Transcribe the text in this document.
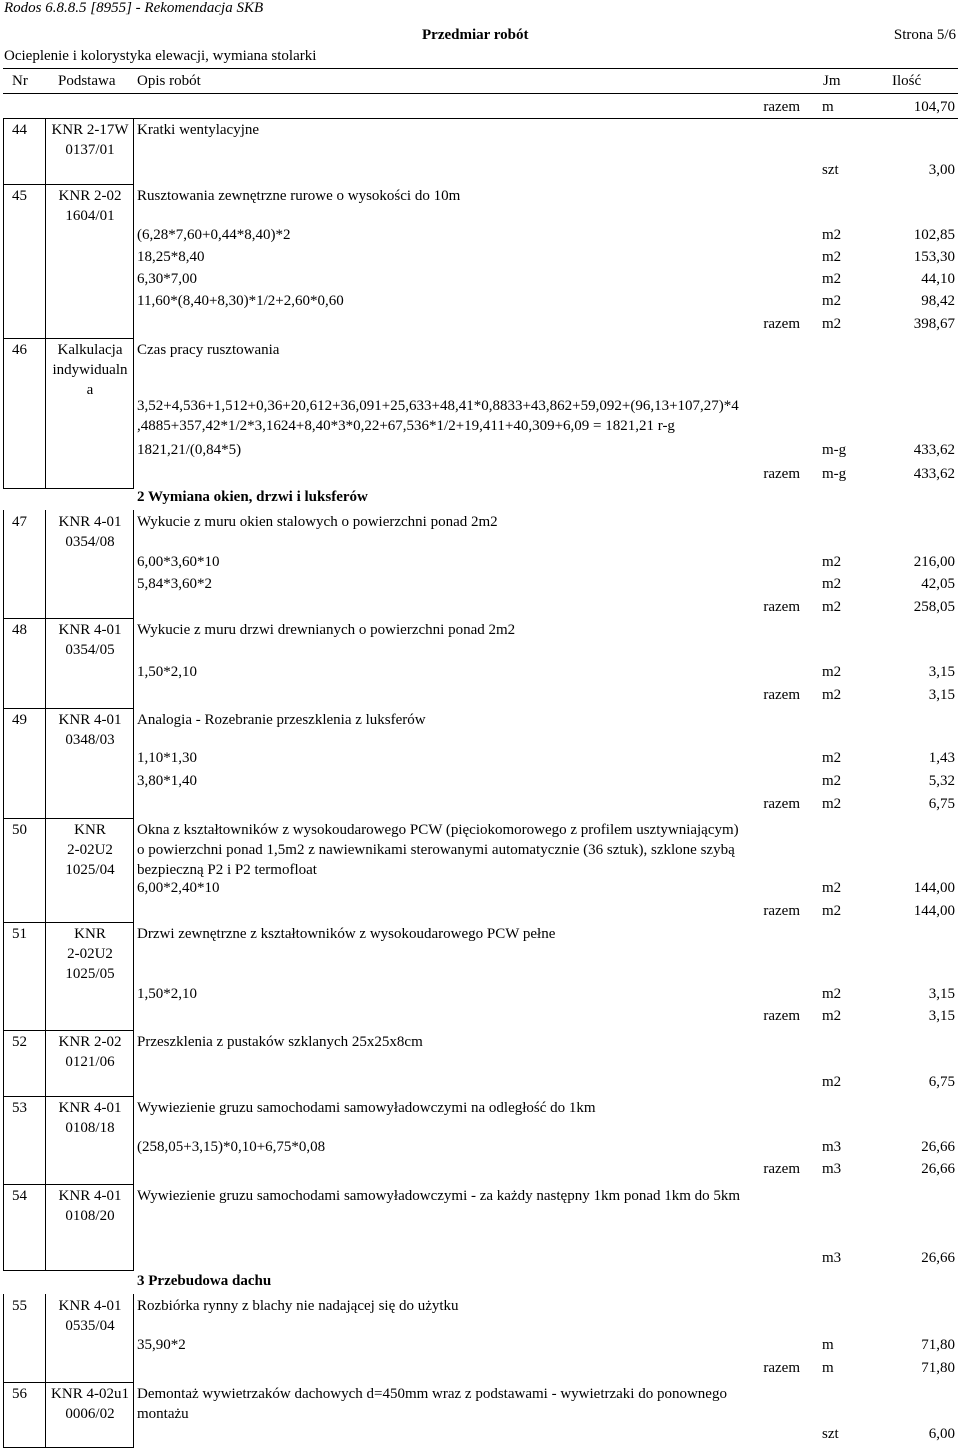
Rodos 6.8.8.5 [8955] - Rekomendacja SKB
Przedmiar robót	Strona 5/6
Ocieplenie i kolorystyka elewacji, wymiana stolarki
Nr Podstawa Opis robót	Jm	Ilość
razem m	104,70
44 KNR 2-17W
0137/01
Kratki wentylacyjne
szt	3,00
45	KNR 2-02
1604/01
Rusztowania zewnętrzne rurowe o wysokości do 10m
(6,28*7,60+0,44*8,40)*2	m2	102,85
18,25*8,40	m2	153,30
6,30*7,00	m2	44,10
11,60*(8,40+8,30)*1/2+2,60*0,60	m2	98,42
razem m2	398,67
46	Kalkulacja
indywidualn
a
Czas pracy rusztowania
3,52+4,536+1,512+0,36+20,612+36,091+25,633+48,41*0,8833+43,862+59,092+(96,13+107,27)*4
,4885+357,42*1/2*3,1624+8,40*3*0,22+67,536*1/2+19,411+40,309+6,09 = 1821,21 r-g
1821,21/(0,84*5)	m-g	433,62
razem m-g	433,62
2 Wymiana okien, drzwi i luksferów
47	KNR 4-01
0354/08
Wykucie z muru okien stalowych o powierzchni ponad 2m2
6,00*3,60*10	m2	216,00
5,84*3,60*2	m2	42,05
razem m2	258,05
48	KNR 4-01
0354/05
Wykucie z muru drzwi drewnianych o powierzchni ponad 2m2
1,50*2,10	m2	3,15
razem m2	3,15
49	KNR 4-01
0348/03
Analogia - Rozebranie przeszklenia z luksferów
1,10*1,30	m2	1,43
3,80*1,40	m2	5,32
razem m2	6,75
50	KNR
2-02U2
1025/04
Okna z kształtowników z wysokoudarowego PCW (pięciokomorowego z profilem usztywniającym)
o powierzchni ponad 1,5m2 z nawiewnikami sterowanymi automatycznie (36 sztuk), szklone szybą
bezpieczną P2 i P2 termofloat
6,00*2,40*10	m2	144,00
razem m2	144,00
51	KNR
2-02U2
1025/05
Drzwi zewnętrzne z kształtowników z wysokoudarowego PCW pełne
1,50*2,10	m2	3,15
razem m2	3,15
52	KNR 2-02
0121/06
Przeszklenia z pustaków szklanych 25x25x8cm
m2	6,75
53	KNR 4-01
0108/18
Wywiezienie gruzu samochodami samowyładowczymi na odległość do 1km
(258,05+3,15)*0,10+6,75*0,08	m3	26,66
razem m3	26,66
54	KNR 4-01
0108/20
Wywiezienie gruzu samochodami samowyładowczymi - za każdy następny 1km ponad 1km do 5km
m3	26,66
3 Przebudowa dachu
55	KNR 4-01
0535/04
Rozbiórka rynny z blachy nie nadającej się do użytku
35,90*2	m	71,80
razem m	71,80
56 KNR 4-02u1
0006/02
Demontaż wywietrzaków dachowych d=450mm wraz z podstawami - wywietrzaki do ponownego
montażu
szt	6,00
